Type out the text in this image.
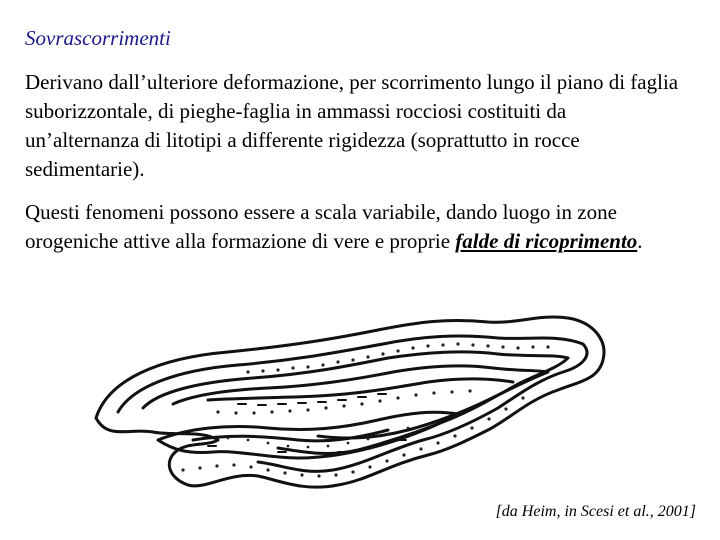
Sovrascorrimenti
Derivano dall’ulteriore deformazione, per scorrimento lungo il piano di faglia suborizzontale, di pieghe-faglia in ammassi rocciosi costituiti da un’alternanza di litotipi a differente rigidezza (soprattutto in rocce sedimentarie).
Questi fenomeni possono essere a scala variabile, dando luogo in zone orogeniche attive alla formazione di vere e proprie falde di ricoprimento.
[da Heim, in Scesi et al., 2001]
